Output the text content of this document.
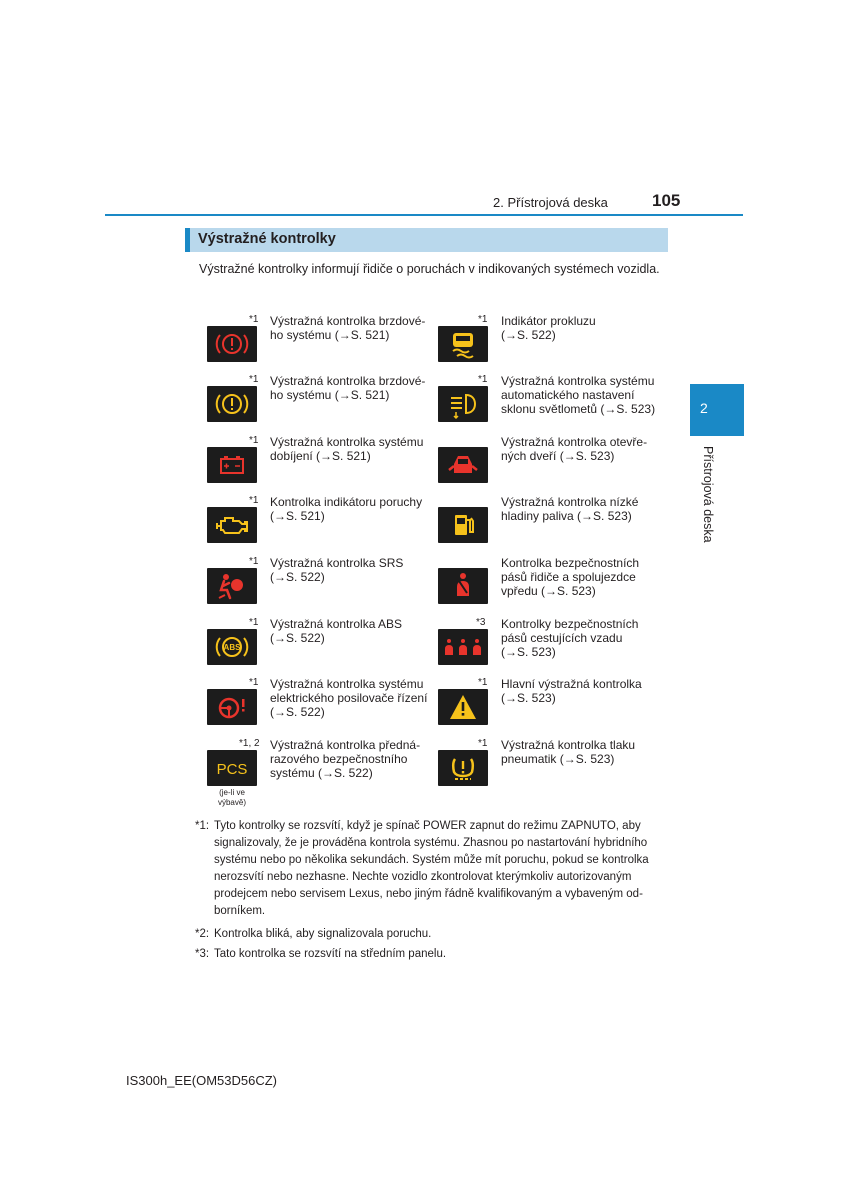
2. Přístrojová deska	105
2
Přístrojová deska
Výstražné kontrolky
Výstražné kontrolky informují řidiče o poruchách v indikovaných systémech vozidla.
*1 Výstražná kontrolka brzdové-
ho systému (→S. 521)
*1 Výstražná kontrolka brzdové-
ho systému (→S. 521)
*1 Výstražná kontrolka systému
dobíjení (→S. 521)
*1 Kontrolka indikátoru poruchy
(→S. 521)
*1 Výstražná kontrolka SRS
(→S. 522)
*1
ABS
Výstražná kontrolka ABS
(→S. 522)
*1 Výstražná kontrolka systému
elektrického posilovače řízení
(→S. 522)
*1, 2
PCS
(je-li ve
výbavě)
Výstražná kontrolka předná-
razového bezpečnostního
systému (→S. 522)
*1 Indikátor prokluzu
(→S. 522)
*1 Výstražná kontrolka systému
automatického nastavení
sklonu světlometů (→S. 523)
Výstražná kontrolka otevře-
ných dveří (→S. 523)
Výstražná kontrolka nízké
hladiny paliva (→S. 523)
Kontrolka bezpečnostních
pásů řidiče a spolujezdce
vpředu (→S. 523)
*3 Kontrolky bezpečnostních
pásů cestujících vzadu
(→S. 523)
*1 Hlavní výstražná kontrolka
(→S. 523)
*1 Výstražná kontrolka tlaku
pneumatik (→S. 523)
*1: Tyto kontrolky se rozsvítí, když je spínač POWER zapnut do režimu ZAPNUTO, aby
signalizovaly, že je prováděna kontrola systému. Zhasnou po nastartování hybridního
systému nebo po několika sekundách. Systém může mít poruchu, pokud se kontrolka
nerozsvítí nebo nezhasne. Nechte vozidlo zkontrolovat kterýmkoliv autorizovaným
prodejcem nebo servisem Lexus, nebo jiným řádně kvalifikovaným a vybaveným od-
borníkem.
*2: Kontrolka bliká, aby signalizovala poruchu.
*3: Tato kontrolka se rozsvítí na středním panelu.
IS300h_EE(OM53D56CZ)
